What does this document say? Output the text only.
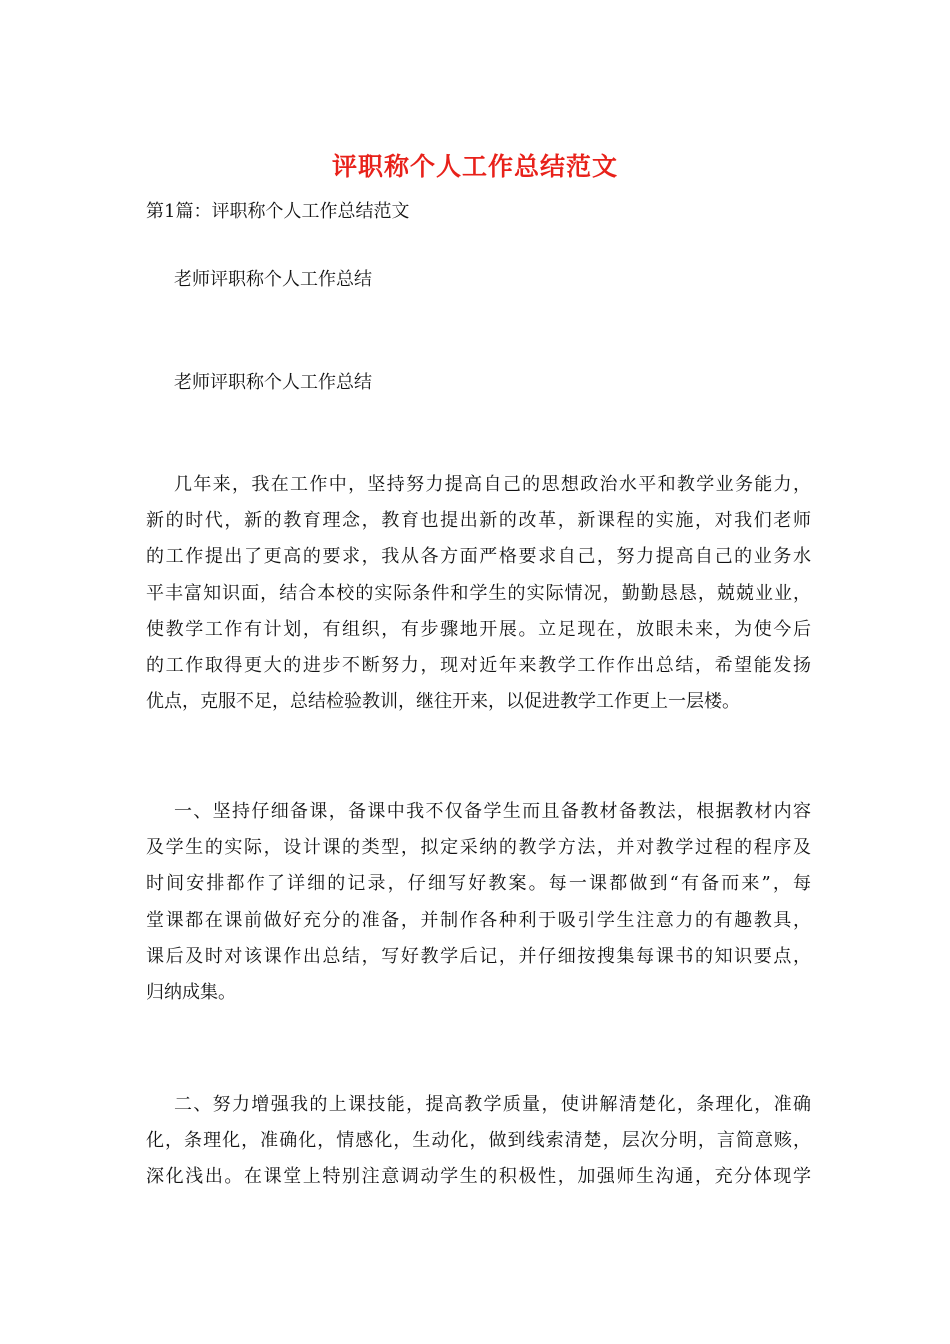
评职称个人工作总结范文
第1篇：评职称个人工作总结范文
老师评职称个人工作总结
老师评职称个人工作总结
几年来，我在工作中，坚持努力提高自己的思想政治水平和教学业务能力，
新的时代，新的教育理念，教育也提出新的改革，新课程的实施，对我们老师
的工作提出了更高的要求，我从各方面严格要求自己，努力提高自己的业务水
平丰富知识面，结合本校的实际条件和学生的实际情况，勤勤恳恳，兢兢业业，
使教学工作有计划，有组织，有步骤地开展。立足现在，放眼未来，为使今后
的工作取得更大的进步不断努力，现对近年来教学工作作出总结，希望能发扬
优点，克服不足，总结检验教训，继往开来，以促进教学工作更上一层楼。
一、坚持仔细备课，备课中我不仅备学生而且备教材备教法，根据教材内容
及学生的实际，设计课的类型，拟定采纳的教学方法，并对教学过程的程序及
时间安排都作了详细的记录，仔细写好教案。每一课都做到“有备而来”，每
堂课都在课前做好充分的准备，并制作各种利于吸引学生注意力的有趣教具，
课后及时对该课作出总结，写好教学后记，并仔细按搜集每课书的知识要点，
归纳成集。
二、努力增强我的上课技能，提高教学质量，使讲解清楚化，条理化，准确
化，条理化，准确化，情感化，生动化，做到线索清楚，层次分明，言简意赅，
深化浅出。在课堂上特别注意调动学生的积极性，加强师生沟通，充分体现学
